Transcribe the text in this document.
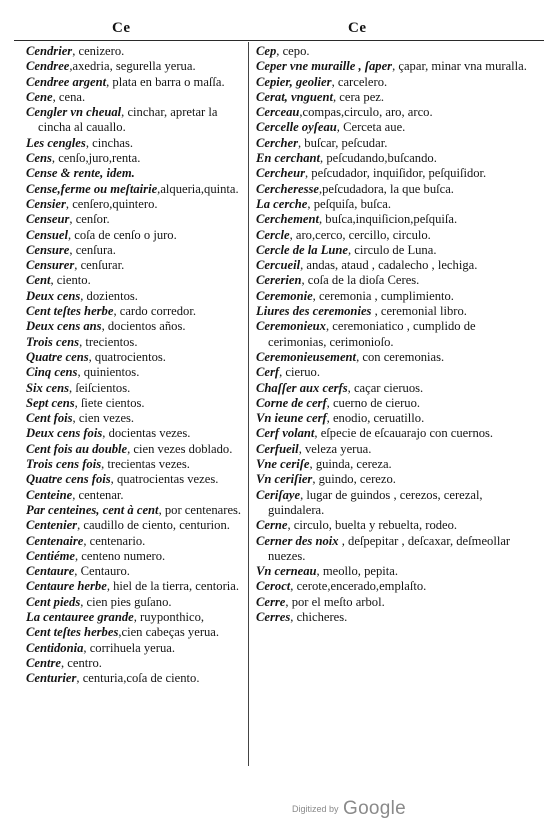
Ce	Ce
Cendrier, cenizero.
Cendree,axedria, segurella yerua.
Cendree argent, plata en barra o maſſa.
Cene, cena.
Cengler vn cheual, cinchar, apretar la cincha al cauallo.
Les cengles, cinchas.
Cens, cenſo,juro,renta.
Cense & rente, idem.
Cense,ferme ou meſtairie,alqueria,quinta.
Censier, cenſero,quintero.
Censeur, cenſor.
Censuel, coſa de cenſo o juro.
Censure, cenſura.
Censurer, cenſurar.
Cent, ciento.
Deux cens, dozientos.
Cent teſtes herbe, cardo corredor.
Deux cens ans, docientos años.
Trois cens, trecientos.
Quatre cens, quatrocientos.
Cinq cens, quinientos.
Six cens, ſeiſcientos.
Sept cens, ſiete cientos.
Cent fois, cien vezes.
Deux cens fois, docientas vezes.
Cent fois au double, cien vezes doblado.
Trois cens fois, trecientas vezes.
Quatre cens fois, quatrocientas vezes.
Centeine, centenar.
Par centeines, cent à cent, por centenares.
Centenier, caudillo de ciento, centurion.
Centenaire, centenario.
Centiéme, centeno numero.
Centaure, Centauro.
Centaure herbe, hiel de la tierra, centoria.
Cent pieds, cien pies guſano.
La centauree grande, ruyponthico,
Cent teſtes herbes,cien cabeças yerua.
Centidonia, corrihuela yerua.
Centre, centro.
Centurier, centuria,coſa de ciento.
Cep, cepo.
Ceper vne muraille , ſaper, çapar, minar vna muralla.
Cepier, geolier, carcelero.
Cerat, vnguent, cera pez.
Cerceau,compas,circulo, aro, arco.
Cercelle oyſeau, Cerceta aue.
Cercher, buſcar, peſcudar.
En cerchant, peſcudando,buſcando.
Cercheur, peſcudador, inquiſidor, peſquiſidor.
Cercheresse,peſcudadora, la que buſca.
La cerche, peſquiſa, buſca.
Cerchement, buſca,inquiſicion,peſquiſa.
Cercle, aro,cerco, cercillo, circulo.
Cercle de la Lune, circulo de Luna.
Cercueil, andas, ataud , cadalecho , lechiga.
Cererien, coſa de la dioſa Ceres.
Ceremonie, ceremonia , cumplimiento.
Liures des ceremonies , ceremonial libro.
Ceremonieux, ceremoniatico , cumplido de cerimonias, cerimonioſo.
Ceremonieusement, con ceremonias.
Cerf, cieruo.
Chaſſer aux cerfs, caçar cieruos.
Corne de cerf, cuerno de cieruo.
Vn ieune cerf, enodio, ceruatillo.
Cerf volant, eſpecie de eſcauarajo con cuernos.
Cerfueil, veleza yerua.
Vne ceriſe, guinda, cereza.
Vn ceriſier, guindo, cerezo.
Ceriſaye, lugar de guindos , cerezos, cerezal, guindalera.
Cerne, circulo, buelta y rebuelta, rodeo.
Cerner des noix , deſpepitar , deſcaxar, deſmeollar nuezes.
Vn cerneau, meollo, pepita.
Ceroct, cerote,encerado,emplaſto.
Cerre, por el meſto arbol.
Cerres, chicheres.
Digitized by Google
